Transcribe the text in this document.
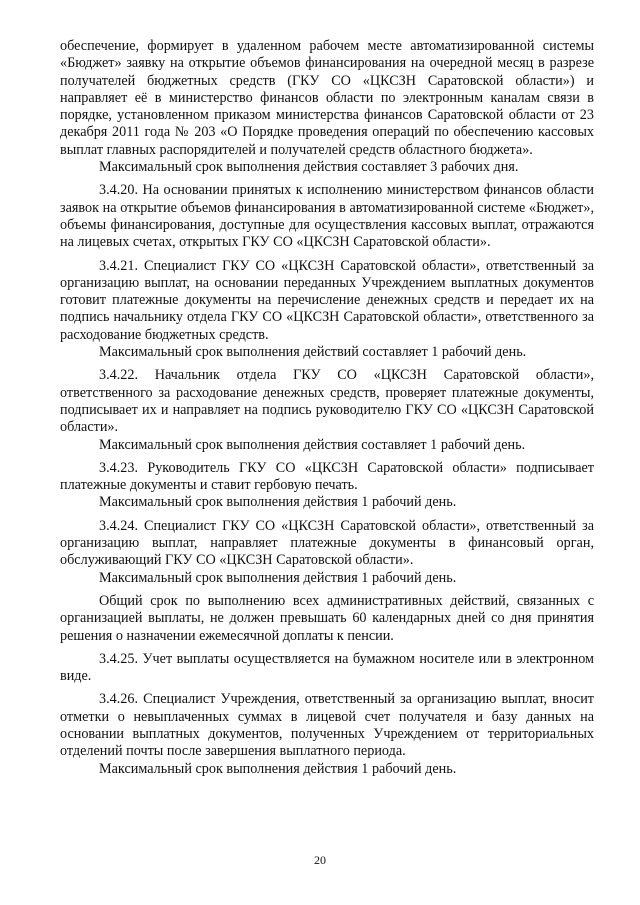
обеспечение, формирует в удаленном рабочем месте автоматизированной системы «Бюджет» заявку на открытие объемов финансирования на очередной месяц в разрезе получателей бюджетных средств (ГКУ СО «ЦКСЗН Саратовской области») и направляет её в министерство финансов области по электронным каналам связи в порядке, установленном приказом министерства финансов Саратовской области от 23 декабря 2011 года № 203 «О Порядке проведения операций по обеспечению кассовых выплат главных распорядителей и получателей средств областного бюджета».

Максимальный срок выполнения действия составляет 3 рабочих дня.

3.4.20. На основании принятых к исполнению министерством финансов области заявок на открытие объемов финансирования в автоматизированной системе «Бюджет», объемы финансирования, доступные для осуществления кассовых выплат, отражаются на лицевых счетах, открытых ГКУ СО «ЦКСЗН Саратовской области».

3.4.21. Специалист ГКУ СО «ЦКСЗН Саратовской области», ответственный за организацию выплат, на основании переданных Учреждением выплатных документов готовит платежные документы на перечисление денежных средств и передает их на подпись начальнику отдела ГКУ СО «ЦКСЗН Саратовской области», ответственного за расходование бюджетных средств.

Максимальный срок выполнения действий составляет 1 рабочий день.

3.4.22. Начальник отдела ГКУ СО «ЦКСЗН Саратовской области», ответственного за расходование денежных средств, проверяет платежные документы, подписывает их и направляет на подпись руководителю ГКУ СО «ЦКСЗН Саратовской области».

Максимальный срок выполнения действия составляет 1 рабочий день.

3.4.23. Руководитель ГКУ СО «ЦКСЗН Саратовской области» подписывает платежные документы и ставит гербовую печать.

Максимальный срок выполнения действия 1 рабочий день.

3.4.24. Специалист ГКУ СО «ЦКСЗН Саратовской области», ответственный за организацию выплат, направляет платежные документы в финансовый орган, обслуживающий ГКУ СО «ЦКСЗН Саратовской области».

Максимальный срок выполнения действия 1 рабочий день.

Общий срок по выполнению всех административных действий, связанных с организацией выплаты, не должен превышать 60 календарных дней со дня принятия решения о назначении ежемесячной доплаты к пенсии.

3.4.25. Учет выплаты осуществляется на бумажном носителе или в электронном виде.

3.4.26. Специалист Учреждения, ответственный за организацию выплат, вносит отметки о невыплаченных суммах в лицевой счет получателя и базу данных на основании выплатных документов, полученных Учреждением от территориальных отделений почты после завершения выплатного периода.

Максимальный срок выполнения действия 1 рабочий день.

20
